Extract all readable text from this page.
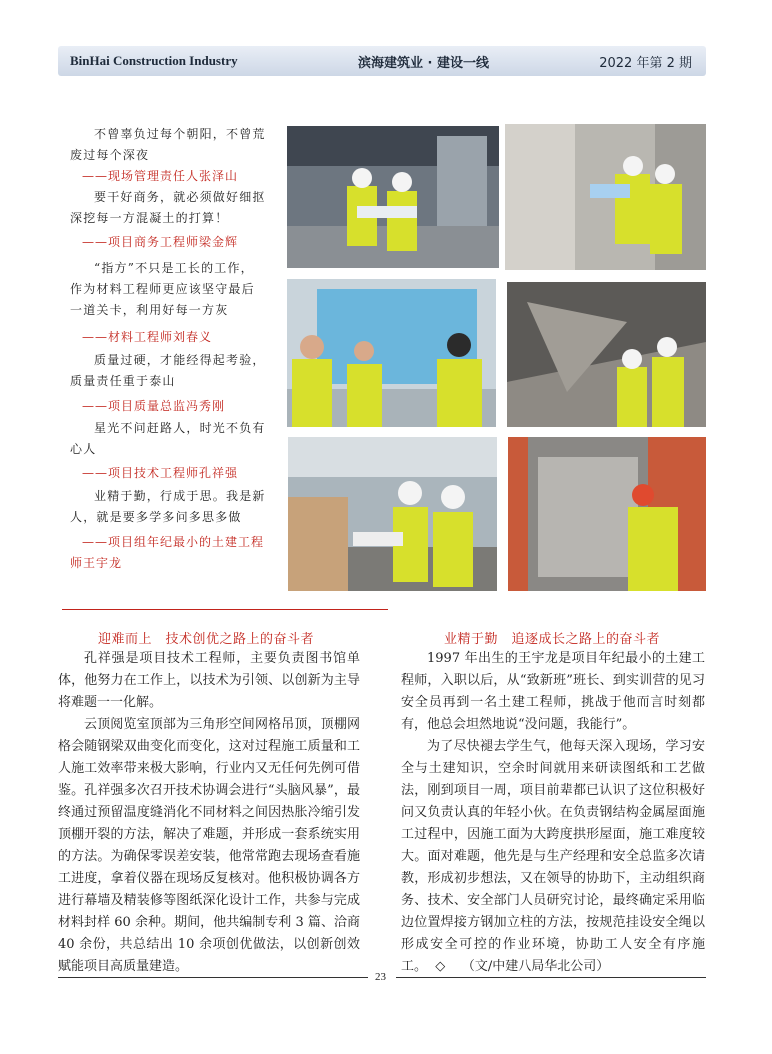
BinHai Construction Industry	滨海建筑业 · 建设一线	2022 年第 2 期
不曾辜负过每个朝阳，不曾荒废过每个深夜
——现场管理责任人张泽山
要干好商务，就必须做好细抠深挖每一方混凝土的打算！
——项目商务工程师梁金辉
“指方”不只是工长的工作，作为材料工程师更应该坚守最后一道关卡，利用好每一方灰
——材料工程师刘春义
质量过硬，才能经得起考验，质量责任重于泰山
——项目质量总监冯秀刚
星光不问赶路人，时光不负有心人
——项目技术工程师孔祥强
业精于勤，行成于思。我是新人，就是要多学多问多思多做
——项目组年纪最小的土建工程师王宇龙
迎难而上　技术创优之路上的奋斗者

孔祥强是项目技术工程师，主要负责图书馆单体，他努力在工作上，以技术为引领、以创新为主导将难题一一化解。

云顶阅览室顶部为三角形空间网格吊顶，顶棚网格会随钢梁双曲变化而变化，这对过程施工质量和工人施工效率带来极大影响，行业内又无任何先例可借鉴。孔祥强多次召开技术协调会进行“头脑风暴”，最终通过预留温度缝消化不同材料之间因热胀冷缩引发顶棚开裂的方法，解决了难题，并形成一套系统实用的方法。为确保零误差安装，他常常跑去现场查看施工进度，拿着仪器在现场反复核对。他积极协调各方进行幕墙及精装修等图纸深化设计工作，共参与完成材料封样 60 余种。期间，他共编制专利 3 篇、洽商 40 余份，共总结出 10 余项创优做法，以创新创效赋能项目高质量建造。

业精于勤　追逐成长之路上的奋斗者

1997 年出生的王宇龙是项目年纪最小的土建工程师，入职以后，从“致新班”班长、到实训营的见习安全员再到一名土建工程师，挑战于他而言时刻都有，他总会坦然地说“没问题，我能行”。

为了尽快褪去学生气，他每天深入现场，学习安全与土建知识，空余时间就用来研读图纸和工艺做法，刚到项目一周，项目前辈都已认识了这位积极好问又负责认真的年轻小伙。在负责钢结构金属屋面施工过程中，因施工面为大跨度拱形屋面，施工难度较大。面对难题，他先是与生产经理和安全总监多次请教，形成初步想法，又在领导的协助下，主动组织商务、技术、安全部门人员研究讨论，最终确定采用临边位置焊接方钢加立柱的方法，按规范挂设安全绳以形成安全可控的作业环境，协助工人安全有序施工。 ◇ （文/中建八局华北公司）

23
